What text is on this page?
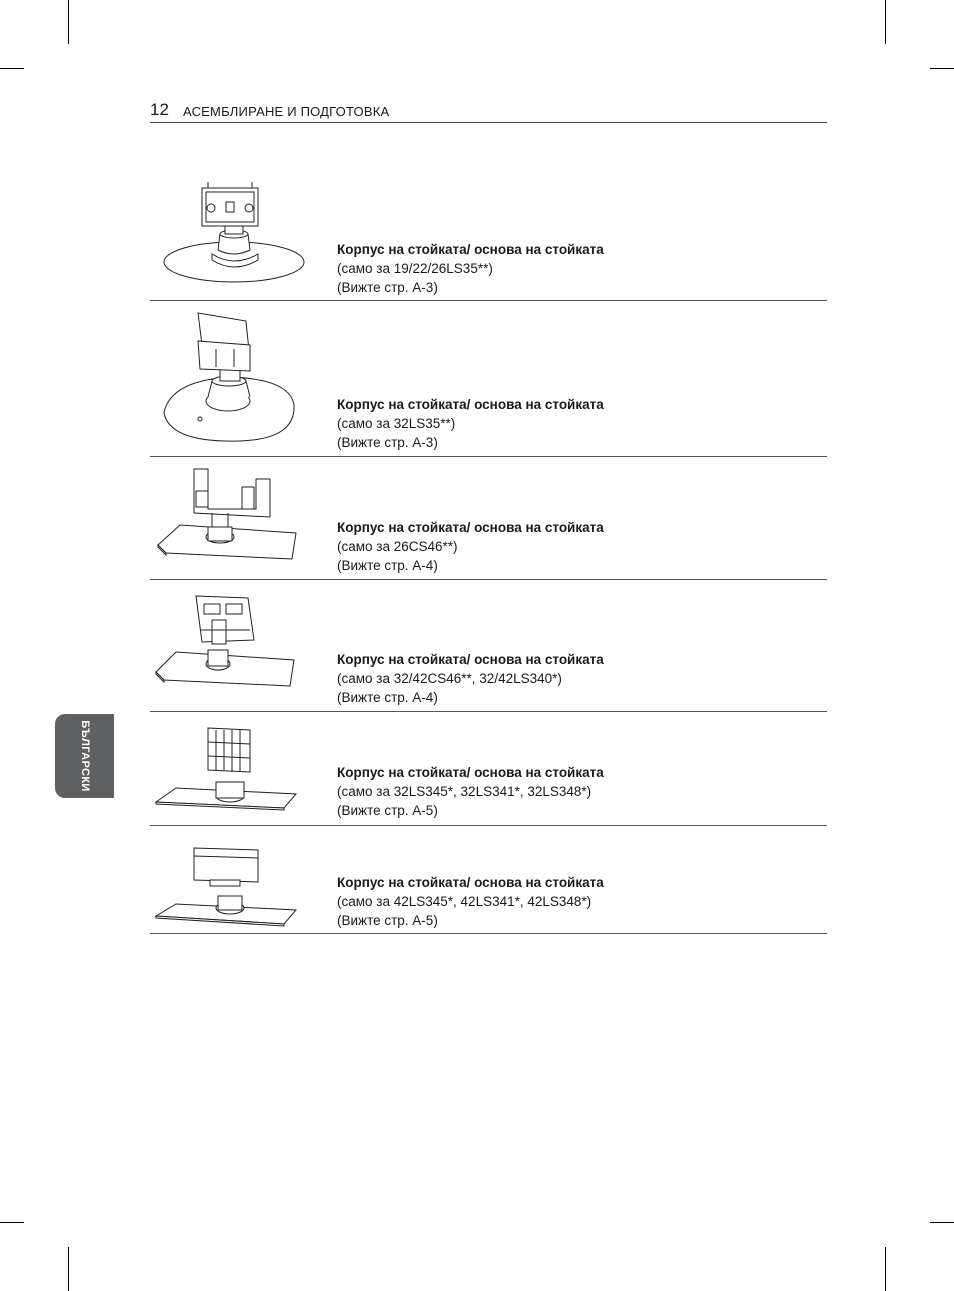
12 АСЕМБЛИРАНЕ И ПОДГОТОВКА
БЪЛГАРСКИ
Корпус на стойката/ основа на стойката
(само за 19/22/26LS35**)
(Вижте стр. A-3)
Корпус на стойката/ основа на стойката
(само за 32LS35**)
(Вижте стр. A-3)
Корпус на стойката/ основа на стойката
(само за 26CS46**)
(Вижте стр. A-4)
Корпус на стойката/ основа на стойката
(само за 32/42CS46**, 32/42LS340*)
(Вижте стр. A-4)
Корпус на стойката/ основа на стойката
(само за 32LS345*, 32LS341*, 32LS348*)
(Вижте стр. A-5)
Корпус на стойката/ основа на стойката
(само за 42LS345*, 42LS341*, 42LS348*)
(Вижте стр. A-5)
